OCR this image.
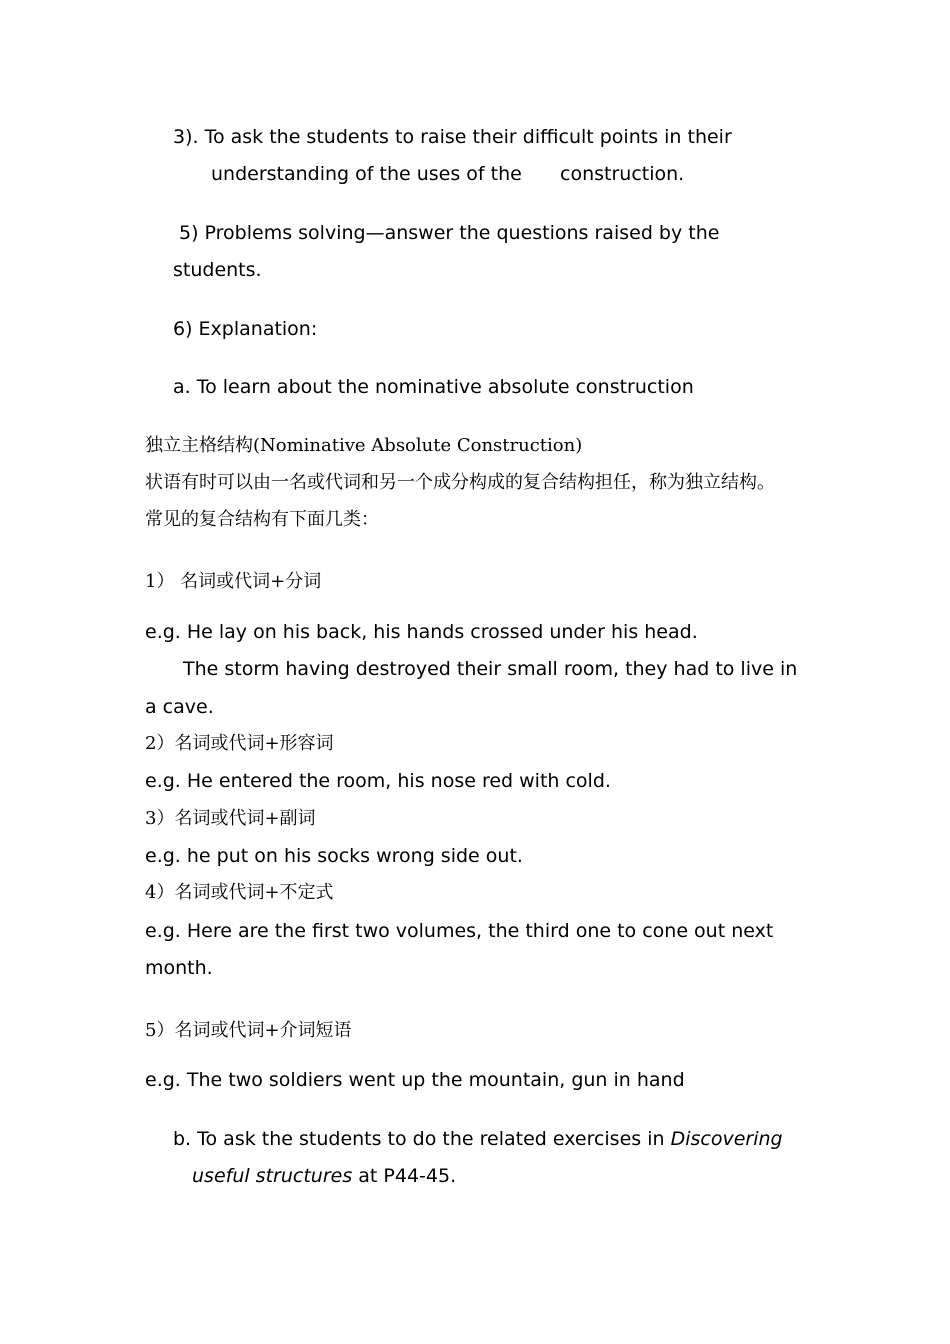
3). To ask the students to raise their difficult points in their
understanding of the uses of the construction.
5) Problems solving—answer the questions raised by the
students.
6) Explanation:
a. To learn about the nominative absolute construction
独立主格结构(Nominative Absolute Construction)
状语有时可以由一名或代词和另一个成分构成的复合结构担任，称为独立结构。
常见的复合结构有下面几类：
1） 名词或代词+分词
e.g. He lay on his back, his hands crossed under his head.
The storm having destroyed their small room, they had to live in
a cave.
2）名词或代词+形容词
e.g. He entered the room, his nose red with cold.
3）名词或代词+副词
e.g. he put on his socks wrong side out.
4）名词或代词+不定式
e.g. Here are the first two volumes, the third one to cone out next
month.
5）名词或代词+介词短语
e.g. The two soldiers went up the mountain, gun in hand
b. To ask the students to do the related exercises in Discovering
useful structures at P44-45.
